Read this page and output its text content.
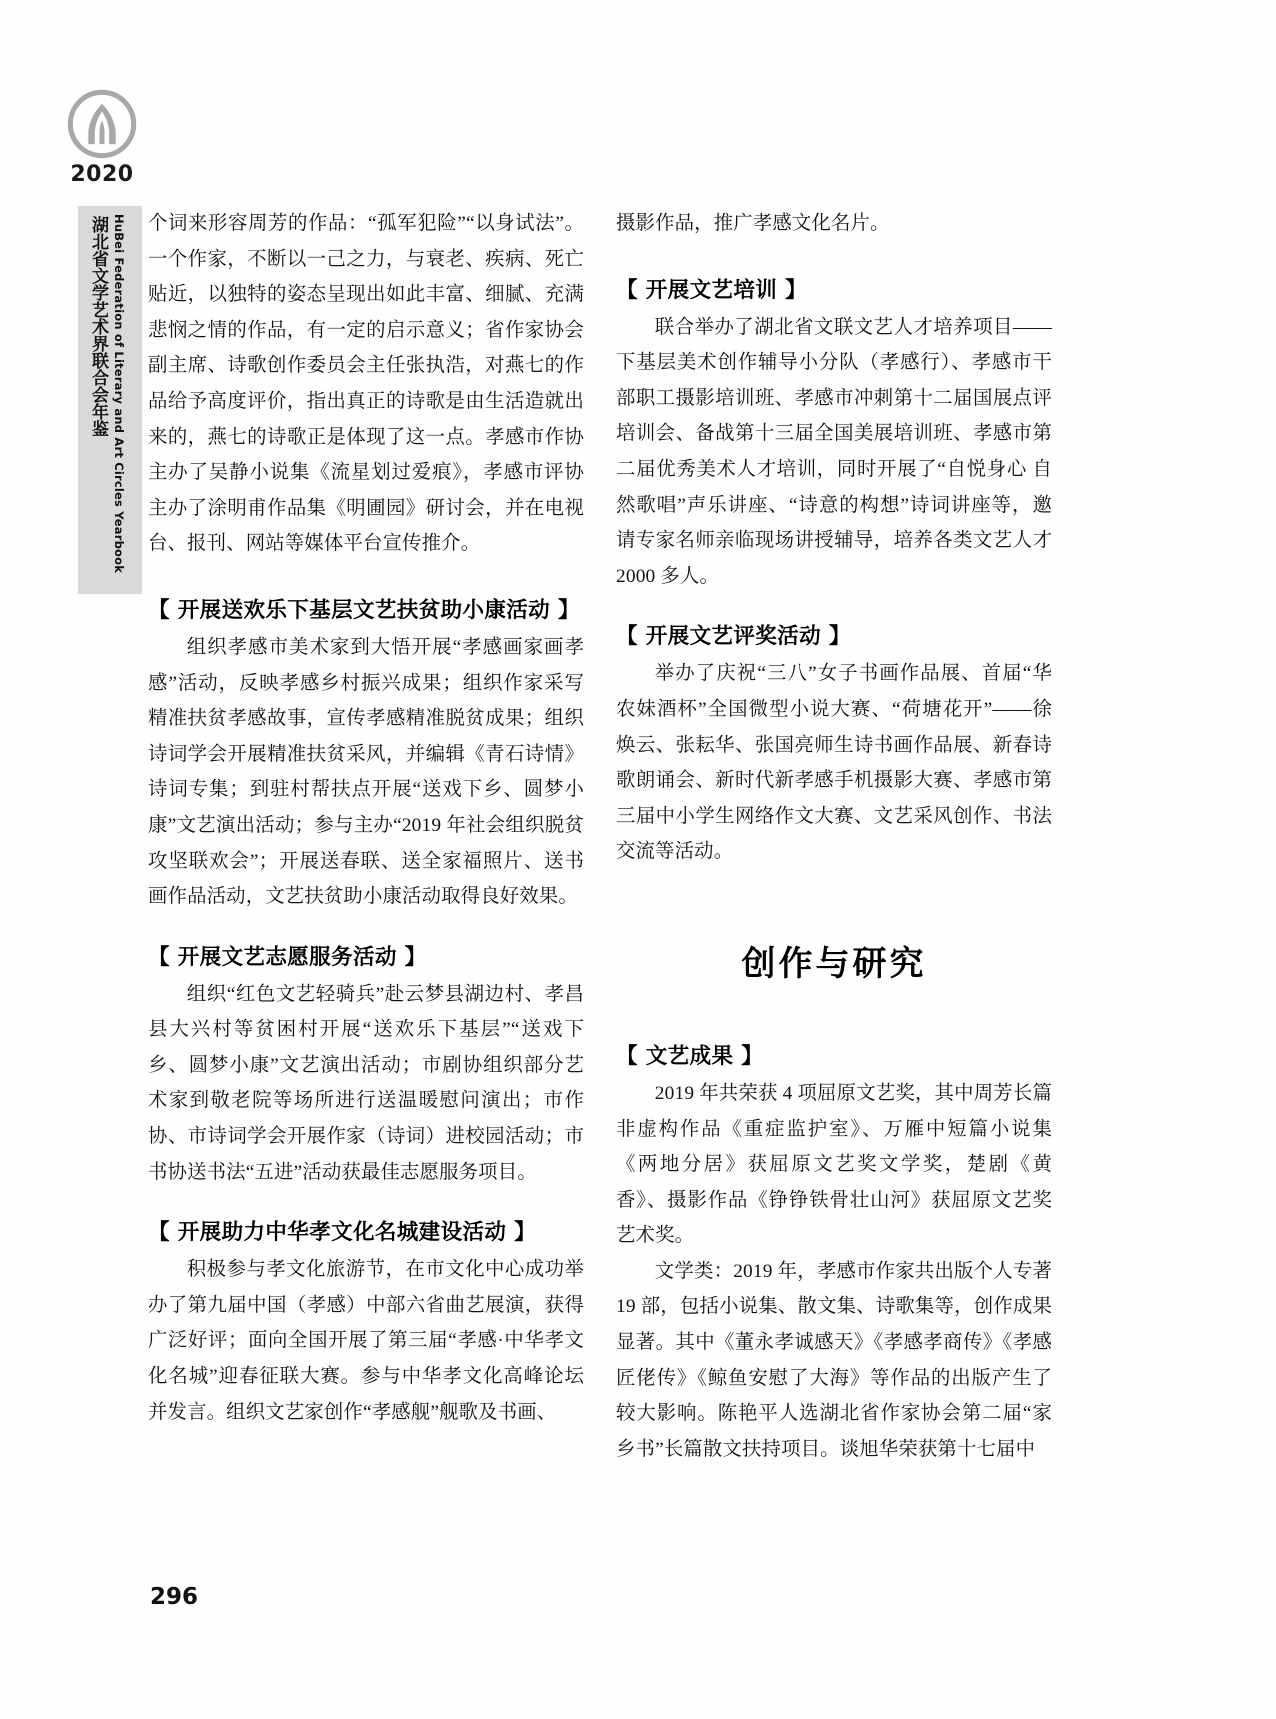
2020
湖北省文学艺术界联合会年鉴 HuBei Federation of Literary and Art Circles Yearbook
296

个词来形容周芳的作品：“孤军犯险”“以身试法”。一个作家，不断以一己之力，与衰老、疾病、死亡贴近，以独特的姿态呈现出如此丰富、细腻、充满悲悯之情的作品，有一定的启示意义；省作家协会副主席、诗歌创作委员会主任张执浩，对燕七的作品给予高度评价，指出真正的诗歌是由生活造就出来的，燕七的诗歌正是体现了这一点。孝感市作协主办了吴静小说集《流星划过爱痕》，孝感市评协主办了涂明甫作品集《明圃园》研讨会，并在电视台、报刊、网站等媒体平台宣传推介。

【 开展送欢乐下基层文艺扶贫助小康活动 】

组织孝感市美术家到大悟开展“孝感画家画孝感”活动，反映孝感乡村振兴成果；组织作家采写精准扶贫孝感故事，宣传孝感精准脱贫成果；组织诗词学会开展精准扶贫采风，并编辑《青石诗情》诗词专集；到驻村帮扶点开展“送戏下乡、圆梦小康”文艺演出活动；参与主办“2019 年社会组织脱贫攻坚联欢会”；开展送春联、送全家福照片、送书画作品活动，文艺扶贫助小康活动取得良好效果。

【 开展文艺志愿服务活动 】

组织“红色文艺轻骑兵”赴云梦县湖边村、孝昌县大兴村等贫困村开展“送欢乐下基层”“送戏下乡、圆梦小康”文艺演出活动；市剧协组织部分艺术家到敬老院等场所进行送温暖慰问演出；市作协、市诗词学会开展作家（诗词）进校园活动；市书协送书法“五进”活动获最佳志愿服务项目。

【 开展助力中华孝文化名城建设活动 】

积极参与孝文化旅游节，在市文化中心成功举办了第九届中国（孝感）中部六省曲艺展演，获得广泛好评；面向全国开展了第三届“孝感·中华孝文化名城”迎春征联大赛。参与中华孝文化高峰论坛并发言。组织文艺家创作“孝感舰”舰歌及书画、

摄影作品，推广孝感文化名片。

【 开展文艺培训 】

联合举办了湖北省文联文艺人才培养项目——下基层美术创作辅导小分队（孝感行）、孝感市干部职工摄影培训班、孝感市冲刺第十二届国展点评培训会、备战第十三届全国美展培训班、孝感市第二届优秀美术人才培训，同时开展了“自悦身心 自然歌唱”声乐讲座、“诗意的构想”诗词讲座等，邀请专家名师亲临现场讲授辅导，培养各类文艺人才 2000 多人。

【 开展文艺评奖活动 】

举办了庆祝“三八”女子书画作品展、首届“华农妹酒杯”全国微型小说大赛、“荷塘花开”——徐焕云、张耘华、张国亮师生诗书画作品展、新春诗歌朗诵会、新时代新孝感手机摄影大赛、孝感市第三届中小学生网络作文大赛、文艺采风创作、书法交流等活动。

创作与研究
【 文艺成果 】

2019 年共荣获 4 项屈原文艺奖，其中周芳长篇非虚构作品《重症监护室》、万雁中短篇小说集《两地分居》获屈原文艺奖文学奖，楚剧《黄香》、摄影作品《铮铮铁骨壮山河》获屈原文艺奖艺术奖。

文学类：2019 年，孝感市作家共出版个人专著 19 部，包括小说集、散文集、诗歌集等，创作成果显著。其中《董永孝诚感天》《孝感孝商传》《孝感匠佬传》《鲸鱼安慰了大海》等作品的出版产生了较大影响。陈艳平人选湖北省作家协会第二届“家乡书”长篇散文扶持项目。谈旭华荣获第十七届中
